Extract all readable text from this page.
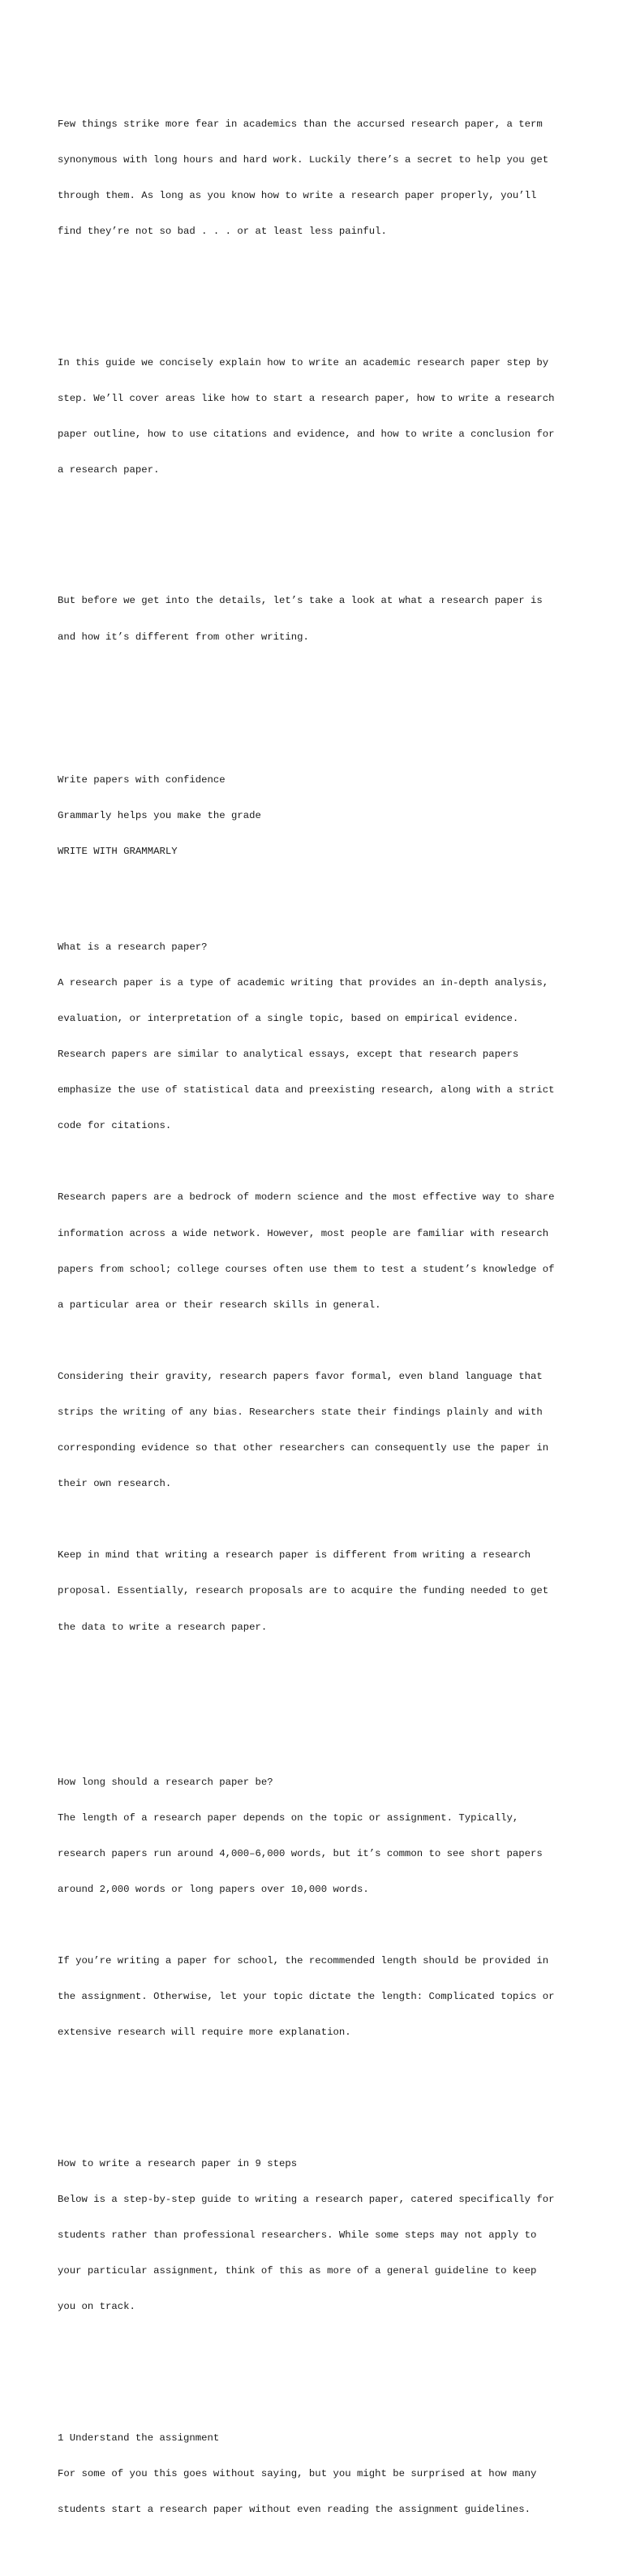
Few things strike more fear in academics than the accursed research paper, a term

synonymous with long hours and hard work. Luckily there’s a secret to help you get

through them. As long as you know how to write a research paper properly, you’ll

find they’re not so bad . . . or at least less painful.

In this guide we concisely explain how to write an academic research paper step by

step. We’ll cover areas like how to start a research paper, how to write a research

paper outline, how to use citations and evidence, and how to write a conclusion for

a research paper.

But before we get into the details, let’s take a look at what a research paper is

and how it’s different from other writing.

Write papers with confidence

Grammarly helps you make the grade

WRITE WITH GRAMMARLY

What is a research paper?

A research paper is a type of academic writing that provides an in-depth analysis,

evaluation, or interpretation of a single topic, based on empirical evidence.

Research papers are similar to analytical essays, except that research papers

emphasize the use of statistical data and preexisting research, along with a strict

code for citations.

Research papers are a bedrock of modern science and the most effective way to share

information across a wide network. However, most people are familiar with research

papers from school; college courses often use them to test a student’s knowledge of

a particular area or their research skills in general.

Considering their gravity, research papers favor formal, even bland language that

strips the writing of any bias. Researchers state their findings plainly and with

corresponding evidence so that other researchers can consequently use the paper in

their own research.

Keep in mind that writing a research paper is different from writing a research

proposal. Essentially, research proposals are to acquire the funding needed to get

the data to write a research paper.

How long should a research paper be?

The length of a research paper depends on the topic or assignment. Typically,

research papers run around 4,000–6,000 words, but it’s common to see short papers

around 2,000 words or long papers over 10,000 words.

If you’re writing a paper for school, the recommended length should be provided in

the assignment. Otherwise, let your topic dictate the length: Complicated topics or

extensive research will require more explanation.

How to write a research paper in 9 steps

Below is a step-by-step guide to writing a research paper, catered specifically for

students rather than professional researchers. While some steps may not apply to

your particular assignment, think of this as more of a general guideline to keep

you on track.

1 Understand the assignment

For some of you this goes without saying, but you might be surprised at how many

students start a research paper without even reading the assignment guidelines.
